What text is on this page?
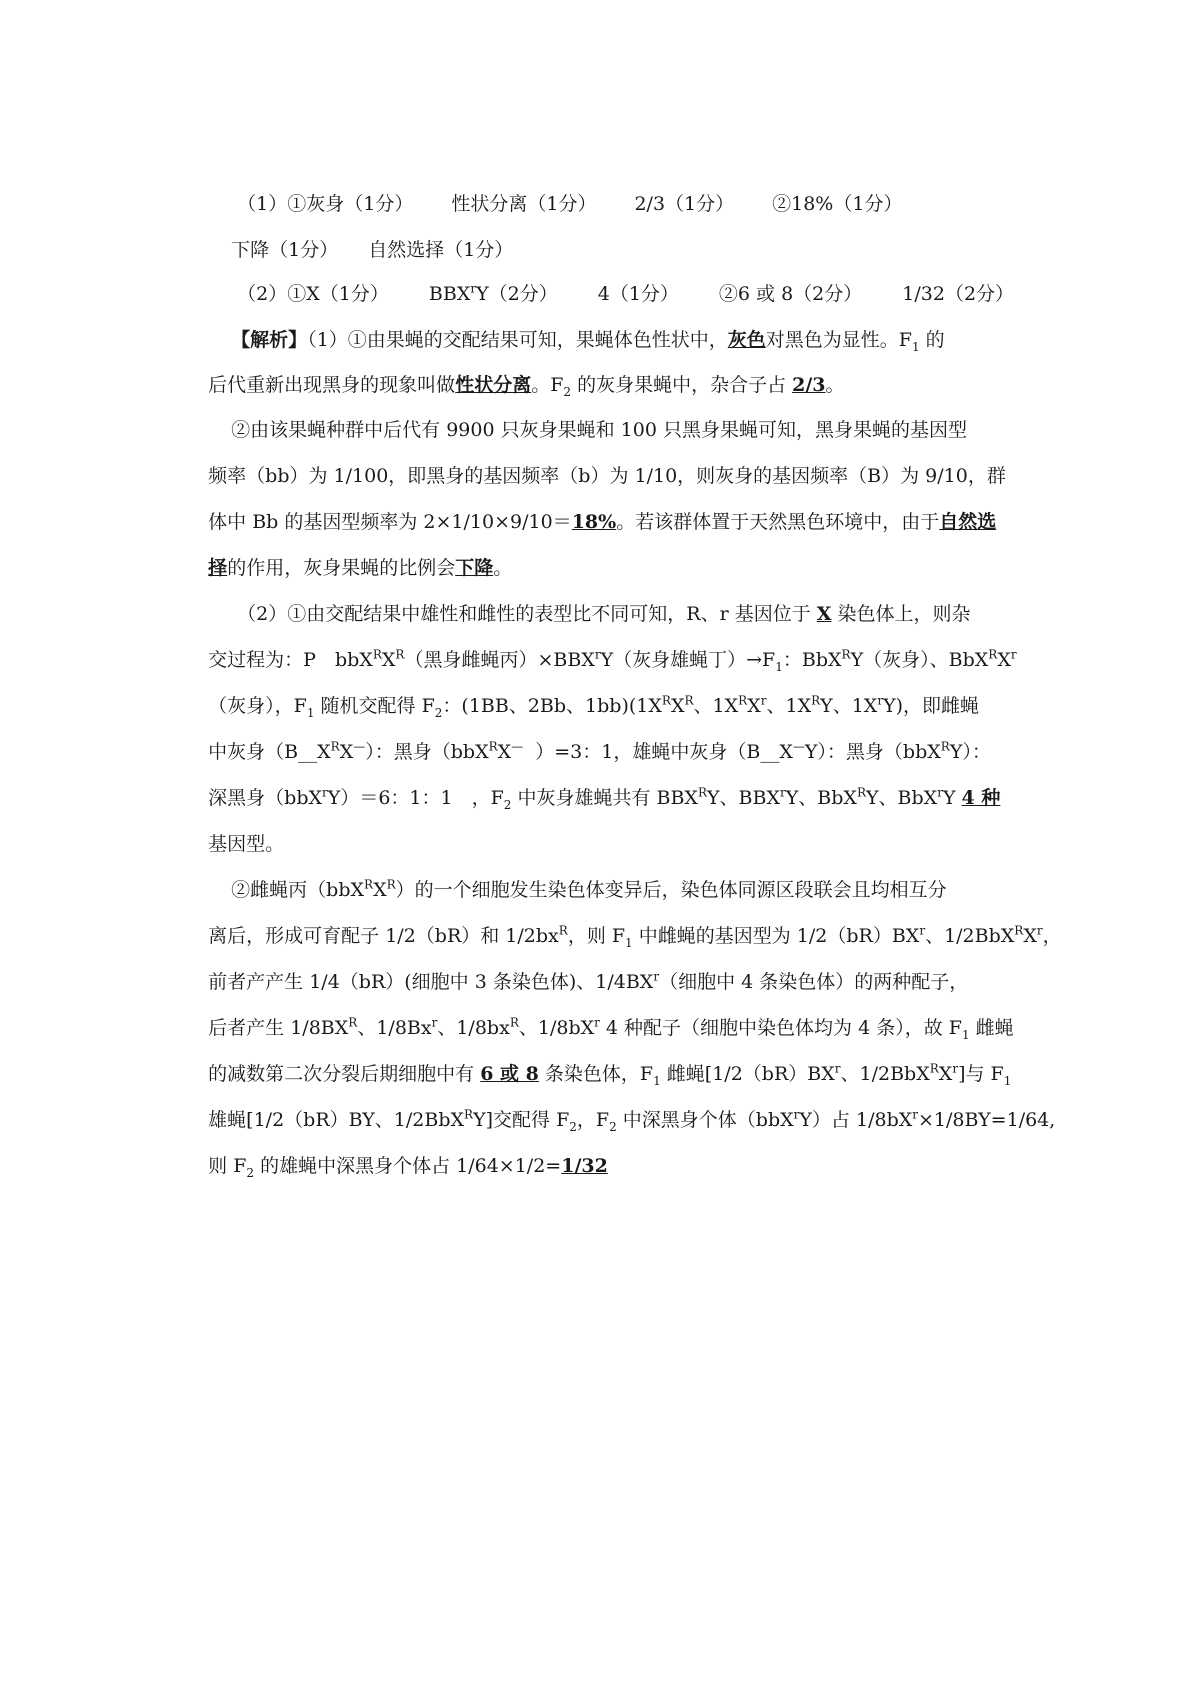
（1）①灰身（1分） 性状分离（1分） 2/3（1分） ②18%（1分）

下降（1分） 自然选择（1分）

（2）①X（1分） BBX$^r$Y（2分） 4（1分） ②6 或 8（2分） 1/32（2分）

【解析】（1）①由果蝇的交配结果可知，果蝇体色性状中，灰色对黑色为显性。$F_1$ 的

后代重新出现黑身的现象叫做性状分离。$F_2$ 的灰身果蝇中，杂合子占 2/3。

②由该果蝇种群中后代有 9900 只灰身果蝇和 100 只黑身果蝇可知，黑身果蝇的基因型

频率（bb）为 1/100，即黑身的基因频率（b）为 1/10，则灰身的基因频率（B）为 9/10，群

体中 Bb 的基因型频率为 2×1/10×9/10＝18%。若该群体置于天然黑色环境中，由于自然选

择的作用，灰身果蝇的比例会下降。

（2）①由交配结果中雄性和雌性的表型比不同可知，R、r 基因位于 X 染色体上，则杂

交过程为：P　$bbX^RX^R$（黑身雌蝇丙）$\times BBX^rY$（灰身雄蝇丁）$\to F_1$：BbX$^R$Y（灰身）、$BbX^RX^r$

（灰身），$F_1$ 随机交配得 $F_2$：(1BB、2Bb、$1bb)(1X^RX^R$、$1X^RX^r$、$1X^RY$、$1X^rY$)，即雌蝇

中灰身$(B\_\_X^RX^—)$：黑身（bbX$^R$X—  ）=3：1，雄蝇中灰身（B__X—Y）：黑身（bbX$^R$Y）：

深黑身（bbX$^r$Y）＝6：1：1　，$F_2$ 中灰身雄蝇共有 $BBX^RY$、BBX$^r$Y、BbX$^R$Y、BbX$^r$Y 4 种

基因型。

②雌蝇丙$(bbX^RX^R)$的一个细胞发生染色体变异后，染色体同源区段联会且均相互分

离后，形成可育配子 1/2（bR）和 $1/2bx^R$，则 $F_1$ 中雌蝇的基因型为 $1/2(bR)BX^r$、$1/2BbX^RX^r$，

前者产产生 1/4（bR）(细胞中 3 条染色体)、$1/4BX^r$（细胞中 4 条染色体）的两种配子，

后者产生 $1/8BX^R$、1/8Bx$^r$、$1/8bx^R$、$1/8bX^r$ 4 种配子（细胞中染色体均为 4 条），故 $F_1$ 雌蝇

的减数第二次分裂后期细胞中有 6 或 8 条染色体，$F_1$ 雌蝇[$1/2(bR)BX^r$、$1/2BbX^RX^r$]与 $F_1$

雄蝇[1/2（bR）BY、1/2BbX$^R$Y]交配得 $F_2$，$F_2$ 中深黑身个体（bbX$^r$Y）占 $1/8bX^r\times 1/8BY=1/64$,

则 $F_2$ 的雄蝇中深黑身个体占 1/64×1/2=1/32
